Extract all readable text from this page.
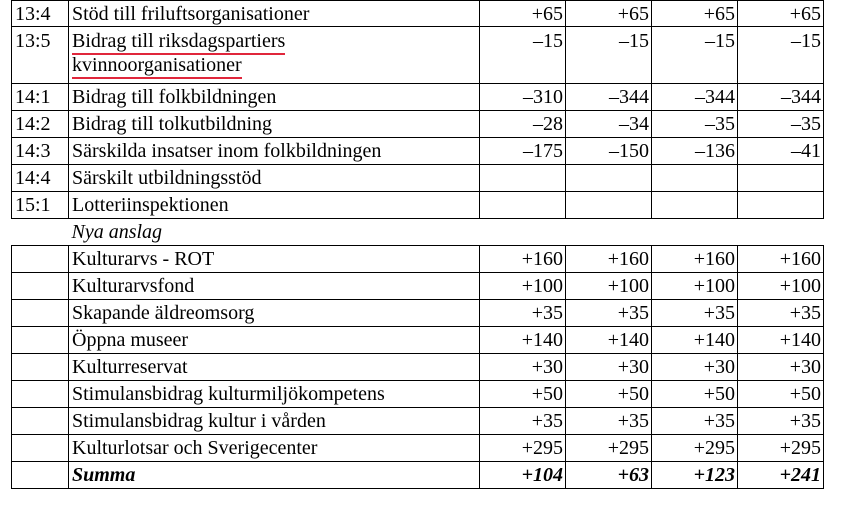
13:4	Stöd till friluftsorganisationer	+65	+65	+65	+65
13:5	Bidrag till riksdagspartiers
kvinnoorganisationer	–15	–15	–15	–15
14:1	Bidrag till folkbildningen	–310	–344	–344	–344
14:2	Bidrag till tolkutbildning	–28	–34	–35	–35
14:3	Särskilda insatser inom folkbildningen	–175	–150	–136	–41
14:4	Särskilt utbildningsstöd				
15:1	Lotteriinspektionen				
	Nya anslag				
	Kulturarvs - ROT	+160	+160	+160	+160
	Kulturarvsfond	+100	+100	+100	+100
	Skapande äldreomsorg	+35	+35	+35	+35
	Öppna museer	+140	+140	+140	+140
	Kulturreservat	+30	+30	+30	+30
	Stimulansbidrag kulturmiljökompetens	+50	+50	+50	+50
	Stimulansbidrag kultur i vården	+35	+35	+35	+35
	Kulturlotsar och Sverigecenter	+295	+295	+295	+295
	Summa	+104	+63	+123	+241
